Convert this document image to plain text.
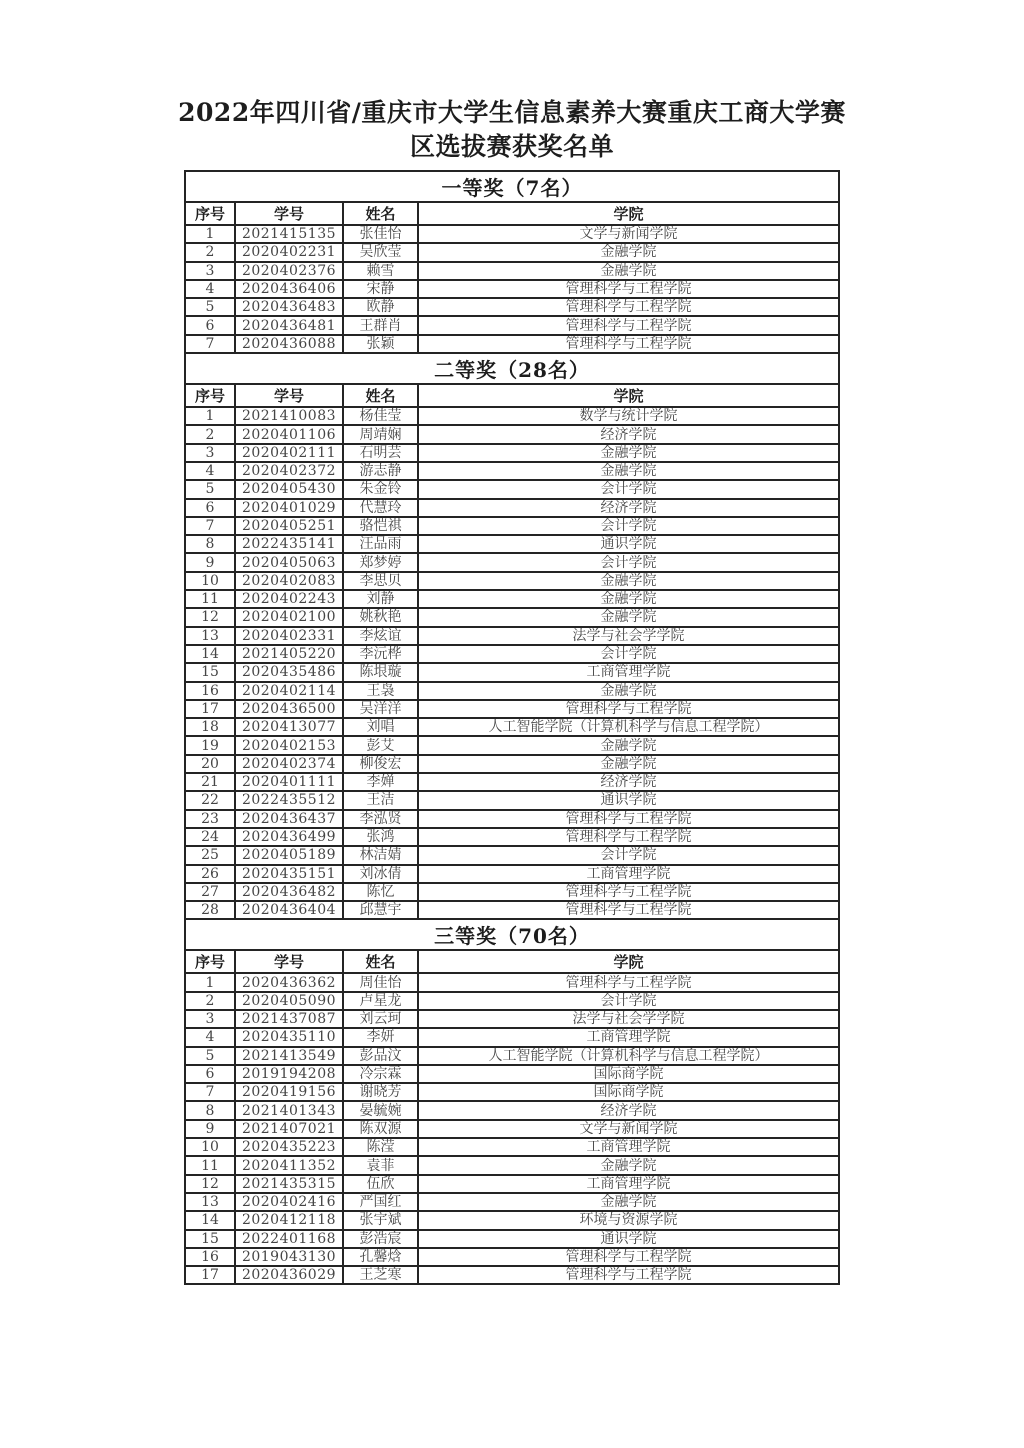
2022年四川省/重庆市大学生信息素养大赛重庆工商大学赛
区选拔赛获奖名单
一等奖（7名）			
序号	学号	姓名	学院
1	2021415135	张佳怡	文学与新闻学院
2	2020402231	吴欣莹	金融学院
3	2020402376	赖雪	金融学院
4	2020436406	宋静	管理科学与工程学院
5	2020436483	欧静	管理科学与工程学院
6	2020436481	王群肖	管理科学与工程学院
7	2020436088	张颖	管理科学与工程学院
二等奖（28名）			
序号	学号	姓名	学院
1	2021410083	杨佳莹	数学与统计学院
2	2020401106	周靖娴	经济学院
3	2020402111	石明芸	金融学院
4	2020402372	游志静	金融学院
5	2020405430	朱金铃	会计学院
6	2020401029	代慧玲	经济学院
7	2020405251	骆恺祺	会计学院
8	2022435141	汪品雨	通识学院
9	2020405063	郑梦婷	会计学院
10	2020402083	李思贝	金融学院
11	2020402243	刘静	金融学院
12	2020402100	姚秋艳	金融学院
13	2020402331	李炫谊	法学与社会学学院
14	2021405220	李沅桦	会计学院
15	2020435486	陈垠璇	工商管理学院
16	2020402114	王袅	金融学院
17	2020436500	吴洋洋	管理科学与工程学院
18	2020413077	刘唱	人工智能学院（计算机科学与信息工程学院）
19	2020402153	彭艾	金融学院
20	2020402374	柳俊宏	金融学院
21	2020401111	李婵	经济学院
22	2022435512	王洁	通识学院
23	2020436437	李泓贤	管理科学与工程学院
24	2020436499	张鸿	管理科学与工程学院
25	2020405189	林洁婧	会计学院
26	2020435151	刘冰倩	工商管理学院
27	2020436482	陈忆	管理科学与工程学院
28	2020436404	邱慧宇	管理科学与工程学院
三等奖（70名）			
序号	学号	姓名	学院
1	2020436362	周佳怡	管理科学与工程学院
2	2020405090	卢星龙	会计学院
3	2021437087	刘云珂	法学与社会学学院
4	2020435110	李妍	工商管理学院
5	2021413549	彭品汶	人工智能学院（计算机科学与信息工程学院）
6	2019194208	冷宗霖	国际商学院
7	2020419156	谢晓芳	国际商学院
8	2021401343	晏毓婉	经济学院
9	2021407021	陈双源	文学与新闻学院
10	2020435223	陈滢	工商管理学院
11	2020411352	袁菲	金融学院
12	2021435315	伍欣	工商管理学院
13	2020402416	严国红	金融学院
14	2020412118	张宇斌	环境与资源学院
15	2022401168	彭浩宸	通识学院
16	2019043130	孔馨焓	管理科学与工程学院
17	2020436029	王芝寒	管理科学与工程学院
